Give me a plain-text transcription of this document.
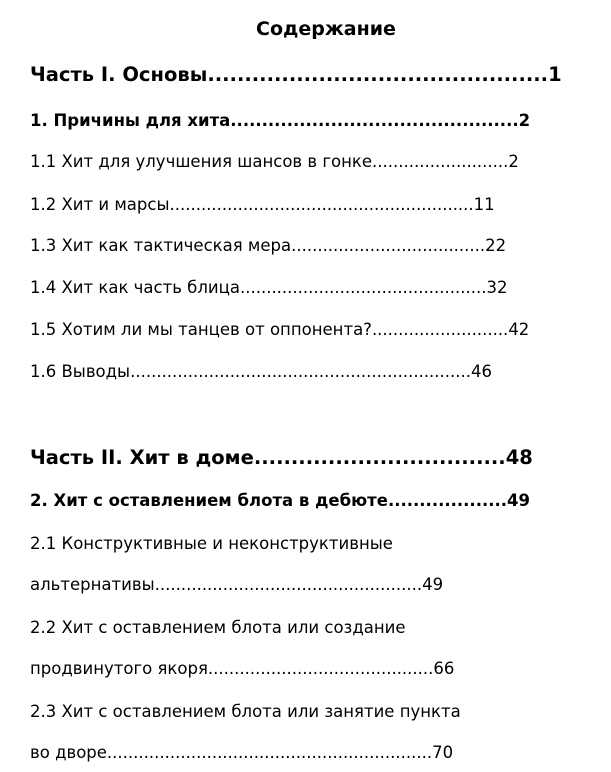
Содержание
Часть I. Основы..............................................1
1. Причины для хита..............................................2
1.1 Хит для улучшения шансов в гонке..........................2
1.2 Хит и марсы..........................................................11
1.3 Хит как тактическая мера.....................................22
1.4 Хит как часть блица...............................................32
1.5 Хотим ли мы танцев от оппонента?..........................42
1.6 Выводы.................................................................46
Часть II. Хит в доме..................................48
2. Хит с оставлением блота в дебюте...................49
2.1 Конструктивные и неконструктивные
альтернативы...................................................49
2.2 Хит с оставлением блота или создание
продвинутого якоря...........................................66
2.3 Хит с оставлением блота или занятие пункта
во дворе..............................................................70
